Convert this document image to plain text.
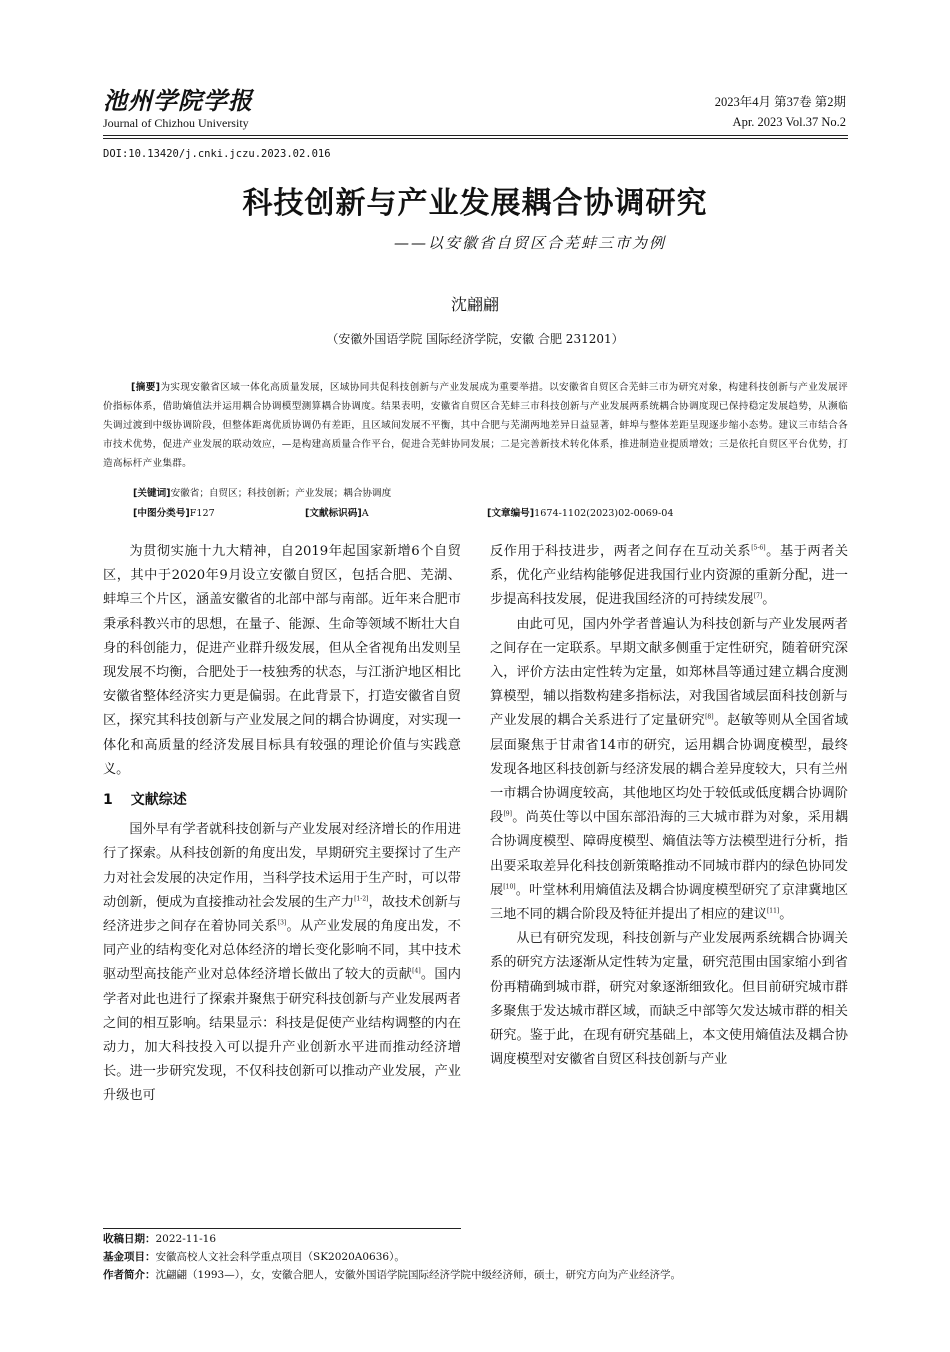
池州学院学报
Journal of Chizhou University
2023年4月 第37卷 第2期
Apr. 2023 Vol.37 No.2
DOI:10.13420/j.cnki.jczu.2023.02.016
科技创新与产业发展耦合协调研究
——以安徽省自贸区合芜蚌三市为例
沈翩翩
（安徽外国语学院 国际经济学院，安徽 合肥 231201）
[摘要]为实现安徽省区域一体化高质量发展，区域协同共促科技创新与产业发展成为重要举措。以安徽省自贸区合芜蚌三市为研究对象，构建科技创新与产业发展评价指标体系，借助熵值法并运用耦合协调模型测算耦合协调度。结果表明，安徽省自贸区合芜蚌三市科技创新与产业发展两系统耦合协调度现已保持稳定发展趋势，从濒临失调过渡到中级协调阶段，但整体距离优质协调仍有差距，且区域间发展不平衡，其中合肥与芜湖两地差异日益显著，蚌埠与整体差距呈现逐步缩小态势。建议三市结合各市技术优势，促进产业发展的联动效应，—是构建高质量合作平台，促进合芜蚌协同发展；二是完善新技术转化体系，推进制造业提质增效；三是依托自贸区平台优势，打造高标杆产业集群。
[关键词]安徽省；自贸区；科技创新；产业发展；耦合协调度
[中图分类号]F127	[文献标识码]A	[文章编号]1674-1102(2023)02-0069-04

为贯彻实施十九大精神，自2019年起国家新增6个自贸区，其中于2020年9月设立安徽自贸区，包括合肥、芜湖、蚌埠三个片区，涵盖安徽省的北部中部与南部。近年来合肥市秉承科教兴市的思想，在量子、能源、生命等领域不断壮大自身的科创能力，促进产业群升级发展，但从全省视角出发则呈现发展不均衡，合肥处于一枝独秀的状态，与江浙沪地区相比安徽省整体经济实力更是偏弱。在此背景下，打造安徽省自贸区，探究其科技创新与产业发展之间的耦合协调度，对实现一体化和高质量的经济发展目标具有较强的理论价值与实践意义。

1 文献综述

国外早有学者就科技创新与产业发展对经济增长的作用进行了探索。从科技创新的角度出发，早期研究主要探讨了生产力对社会发展的决定作用，当科学技术运用于生产时，可以带动创新，便成为直接推动社会发展的生产力[1-2]，故技术创新与经济进步之间存在着协同关系[3]。从产业发展的角度出发，不同产业的结构变化对总体经济的增长变化影响不同，其中技术驱动型高技能产业对总体经济增长做出了较大的贡献[4]。国内学者对此也进行了探索并聚焦于研究科技创新与产业发展两者之间的相互影响。结果显示：科技是促使产业结构调整的内在动力，加大科技投入可以提升产业创新水平进而推动经济增长。进一步研究发现，不仅科技创新可以推动产业发展，产业升级也可

反作用于科技进步，两者之间存在互动关系[5-6]。基于两者关系，优化产业结构能够促进我国行业内资源的重新分配，进一步提高科技发展，促进我国经济的可持续发展[7]。

由此可见，国内外学者普遍认为科技创新与产业发展两者之间存在一定联系。早期文献多侧重于定性研究，随着研究深入，评价方法由定性转为定量，如郑林昌等通过建立耦合度测算模型，辅以指数构建多指标法，对我国省域层面科技创新与产业发展的耦合关系进行了定量研究[8]。赵敏等则从全国省域层面聚焦于甘肃省14市的研究，运用耦合协调度模型，最终发现各地区科技创新与经济发展的耦合差异度较大，只有兰州一市耦合协调度较高，其他地区均处于较低或低度耦合协调阶段[9]。尚英仕等以中国东部沿海的三大城市群为对象，采用耦合协调度模型、障碍度模型、熵值法等方法模型进行分析，指出要采取差异化科技创新策略推动不同城市群内的绿色协同发展[10]。叶堂林利用熵值法及耦合协调度模型研究了京津冀地区三地不同的耦合阶段及特征并提出了相应的建议[11]。

从已有研究发现，科技创新与产业发展两系统耦合协调关系的研究方法逐渐从定性转为定量，研究范围由国家缩小到省份再精确到城市群，研究对象逐渐细致化。但目前研究城市群多聚焦于发达城市群区域，而缺乏中部等欠发达城市群的相关研究。鉴于此，在现有研究基础上，本文使用熵值法及耦合协调度模型对安徽省自贸区科技创新与产业

收稿日期：2022-11-16
基金项目：安徽高校人文社会科学重点项目（SK2020A0636）。
作者简介：沈翩翩（1993—），女，安徽合肥人，安徽外国语学院国际经济学院中级经济师，硕士，研究方向为产业经济学。
